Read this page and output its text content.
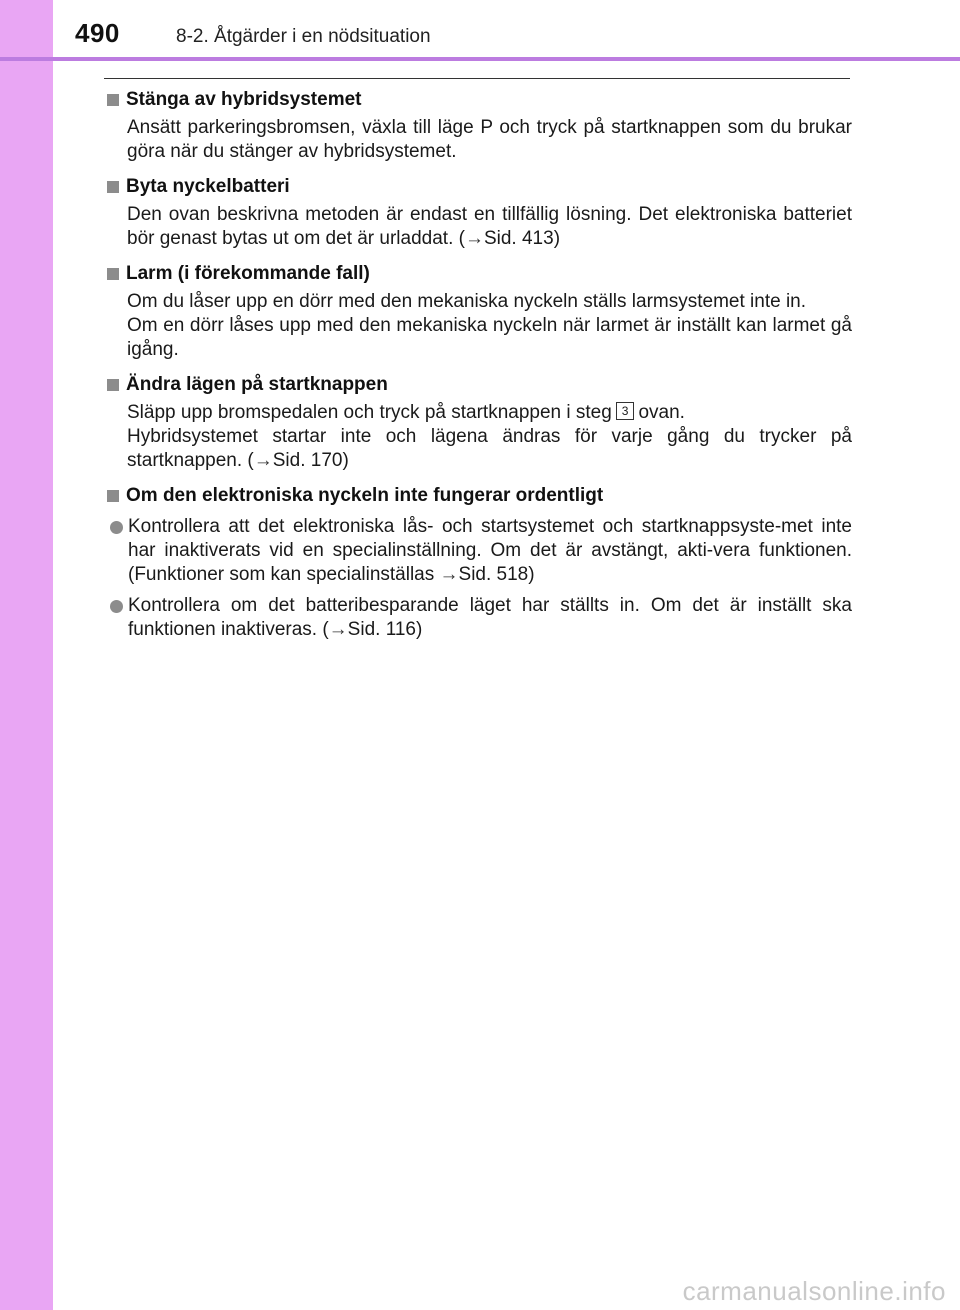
490	8-2. Åtgärder i en nödsituation
Stänga av hybridsystemet
Ansätt parkeringsbromsen, växla till läge P och tryck på startknappen som du brukar göra när du stänger av hybridsystemet.
Byta nyckelbatteri
Den ovan beskrivna metoden är endast en tillfällig lösning. Det elektroniska batteriet bör genast bytas ut om det är urladdat. (→Sid. 413)
Larm (i förekommande fall)
Om du låser upp en dörr med den mekaniska nyckeln ställs larmsystemet inte in.
Om en dörr låses upp med den mekaniska nyckeln när larmet är inställt kan larmet gå igång.
Ändra lägen på startknappen
Släpp upp bromspedalen och tryck på startknappen i steg 3 ovan.
Hybridsystemet startar inte och lägena ändras för varje gång du trycker på startknappen. (→Sid. 170)
Om den elektroniska nyckeln inte fungerar ordentligt
Kontrollera att det elektroniska lås- och startsystemet och startknappsyste-met inte har inaktiverats vid en specialinställning. Om det är avstängt, akti-vera funktionen. (Funktioner som kan specialinställas →Sid. 518)
Kontrollera om det batteribesparande läget har ställts in. Om det är inställt ska funktionen inaktiveras. (→Sid. 116)
carmanualsonline.info
